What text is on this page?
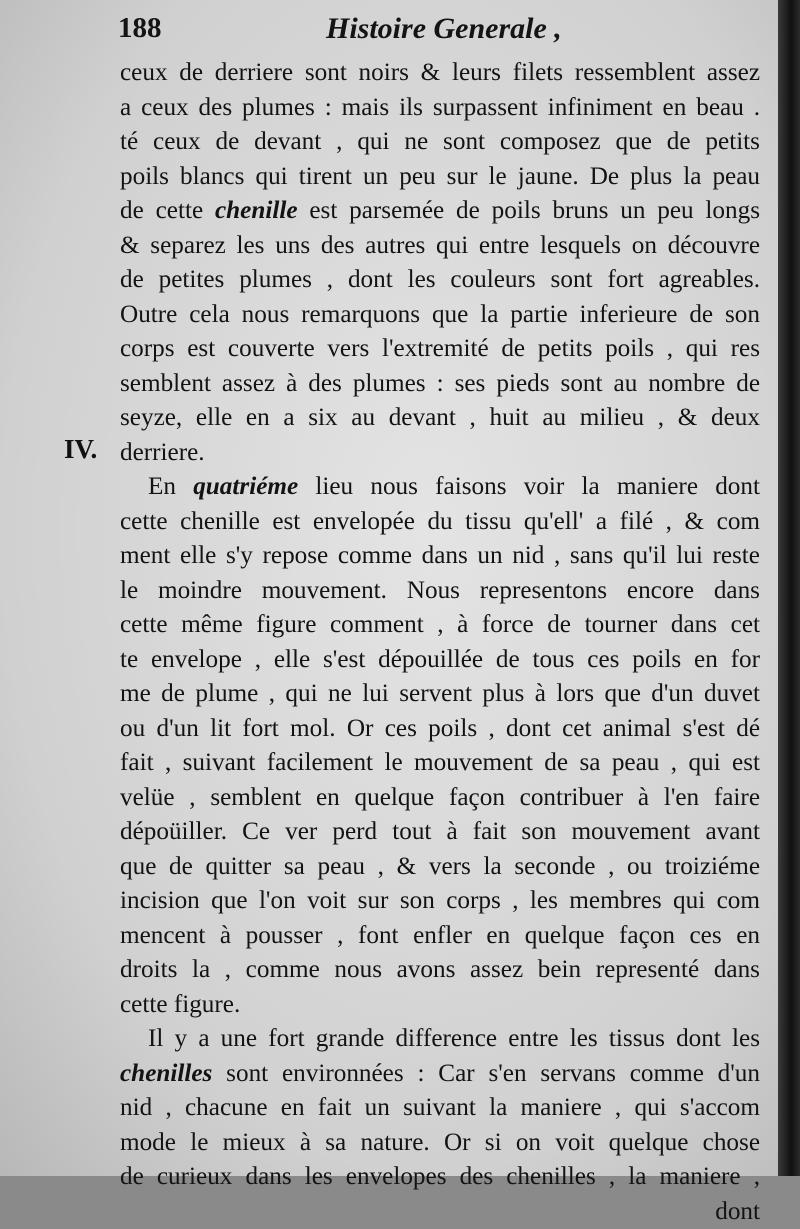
188	Histoire Generale ,

IV.
ceux de derriere sont noirs & leurs filets ressemblent assez
a ceux des plumes : mais ils surpassent infiniment en beau .
té ceux de devant , qui ne sont composez que de petits
poils blancs qui tirent un peu sur le jaune. De plus la peau
de cette chenille est parsemée de poils bruns un peu longs
& separez les uns des autres qui entre lesquels on découvre
de petites plumes , dont les couleurs sont fort agreables.
Outre cela nous remarquons que la partie inferieure de son
corps est couverte vers l'extremité de petits poils , qui res
semblent assez à des plumes : ses pieds sont au nombre de
seyze, elle en a six au devant , huit au milieu , & deux
derriere.
En quatriéme lieu nous faisons voir la maniere dont
cette chenille est envelopée du tissu qu'ell' a filé , & com
ment elle s'y repose comme dans un nid , sans qu'il lui reste
le moindre mouvement. Nous representons encore dans
cette même figure comment , à force de tourner dans cet
te envelope , elle s'est dépouillée de tous ces poils en for
me de plume , qui ne lui servent plus à lors que d'un duvet
ou d'un lit fort mol. Or ces poils , dont cet animal s'est dé
fait , suivant facilement le mouvement de sa peau , qui est
velüe , semblent en quelque façon contribuer à l'en faire
dépoüiller. Ce ver perd tout à fait son mouvement avant
que de quitter sa peau , & vers la seconde , ou troiziéme
incision que l'on voit sur son corps , les membres qui com
mencent à pousser , font enfler en quelque façon ces en
droits la , comme nous avons assez bein representé dans
cette figure.
Il y a une fort grande difference entre les tissus dont les
chenilles sont environnées : Car s'en servans comme d'un
nid , chacune en fait un suivant la maniere , qui s'accom
mode le mieux à sa nature. Or si on voit quelque chose
de curieux dans les envelopes des chenilles , la maniere ,
dont
